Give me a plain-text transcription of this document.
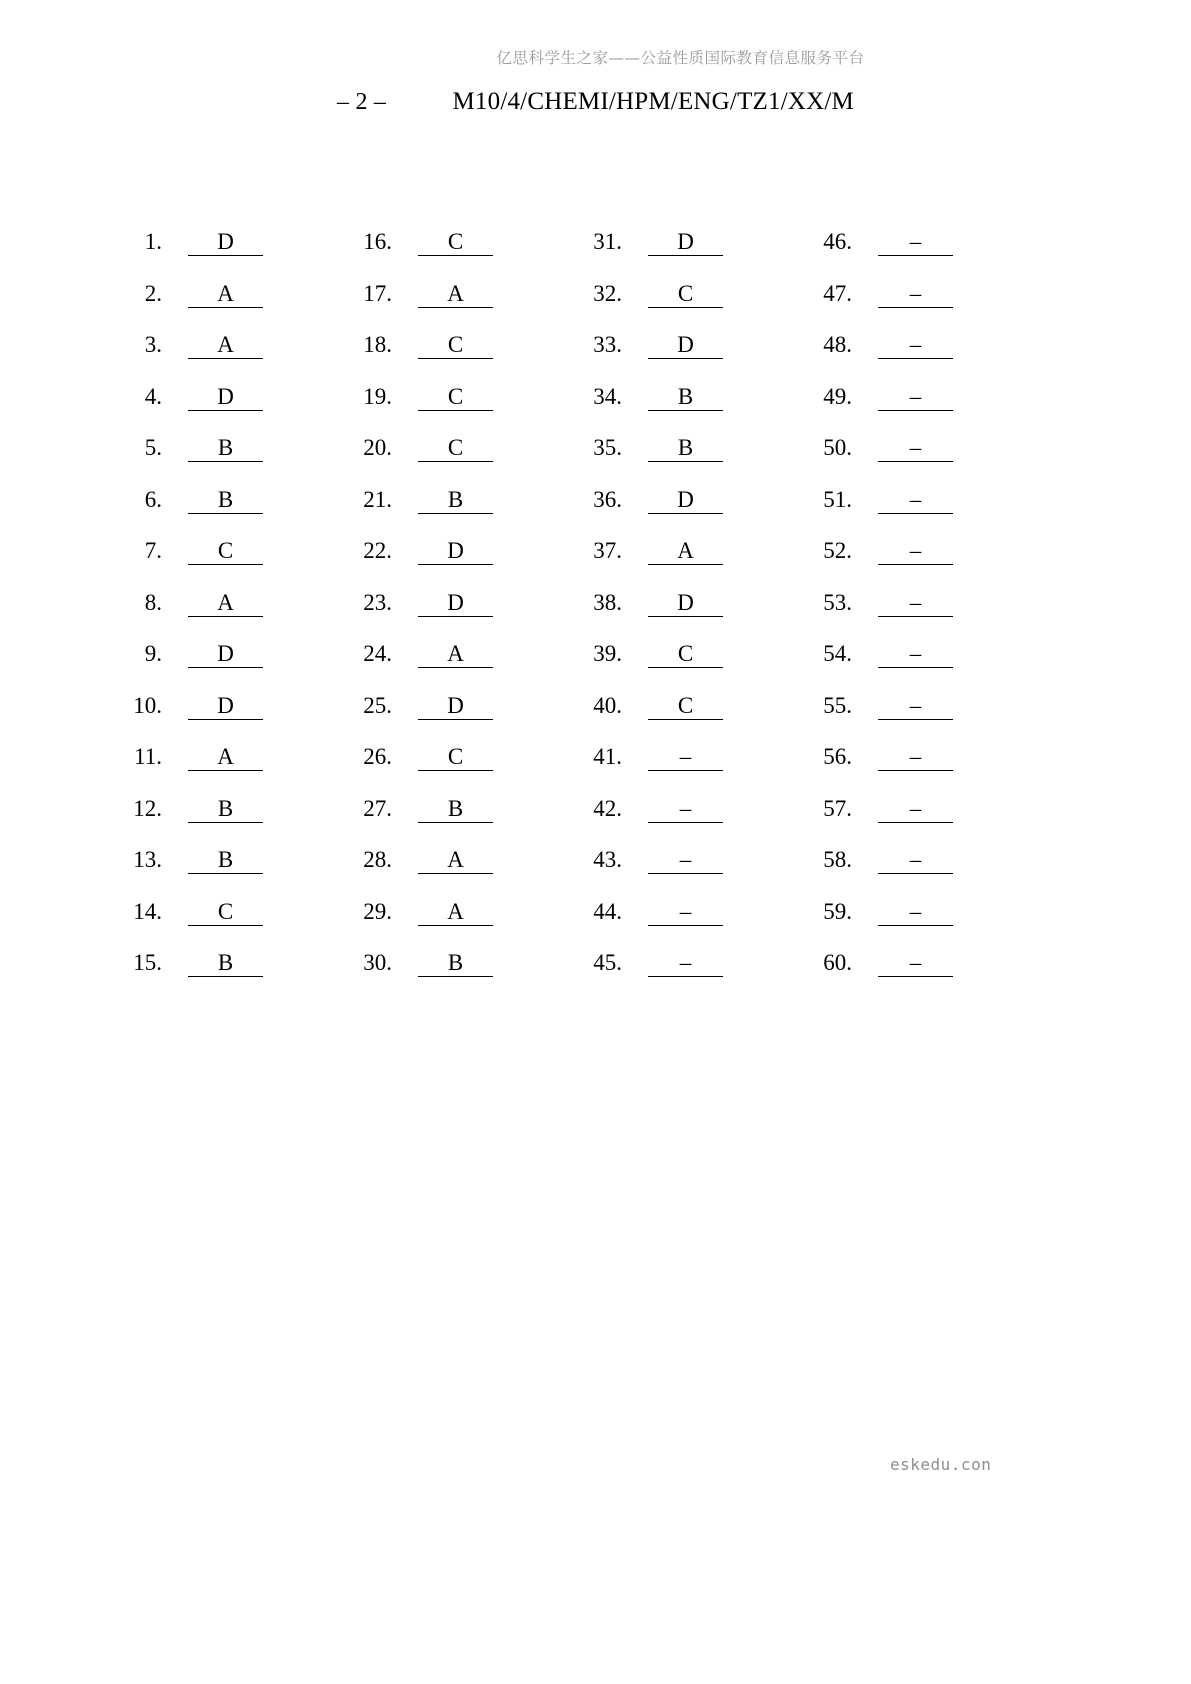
亿思科学生之家——公益性质国际教育信息服务平台
– 2 –	M10/4/CHEMI/HPM/ENG/TZ1/XX/M
1.	D	16.	C	31.	D	46.	–
2.	A	17.	A	32.	C	47.	–
3.	A	18.	C	33.	D	48.	–
4.	D	19.	C	34.	B	49.	–
5.	B	20.	C	35.	B	50.	–
6.	B	21.	B	36.	D	51.	–
7.	C	22.	D	37.	A	52.	–
8.	A	23.	D	38.	D	53.	–
9.	D	24.	A	39.	C	54.	–
10.	D	25.	D	40.	C	55.	–
11.	A	26.	C	41.	–	56.	–
12.	B	27.	B	42.	–	57.	–
13.	B	28.	A	43.	–	58.	–
14.	C	29.	A	44.	–	59.	–
15.	B	30.	B	45.	–	60.	–
eskedu.con
